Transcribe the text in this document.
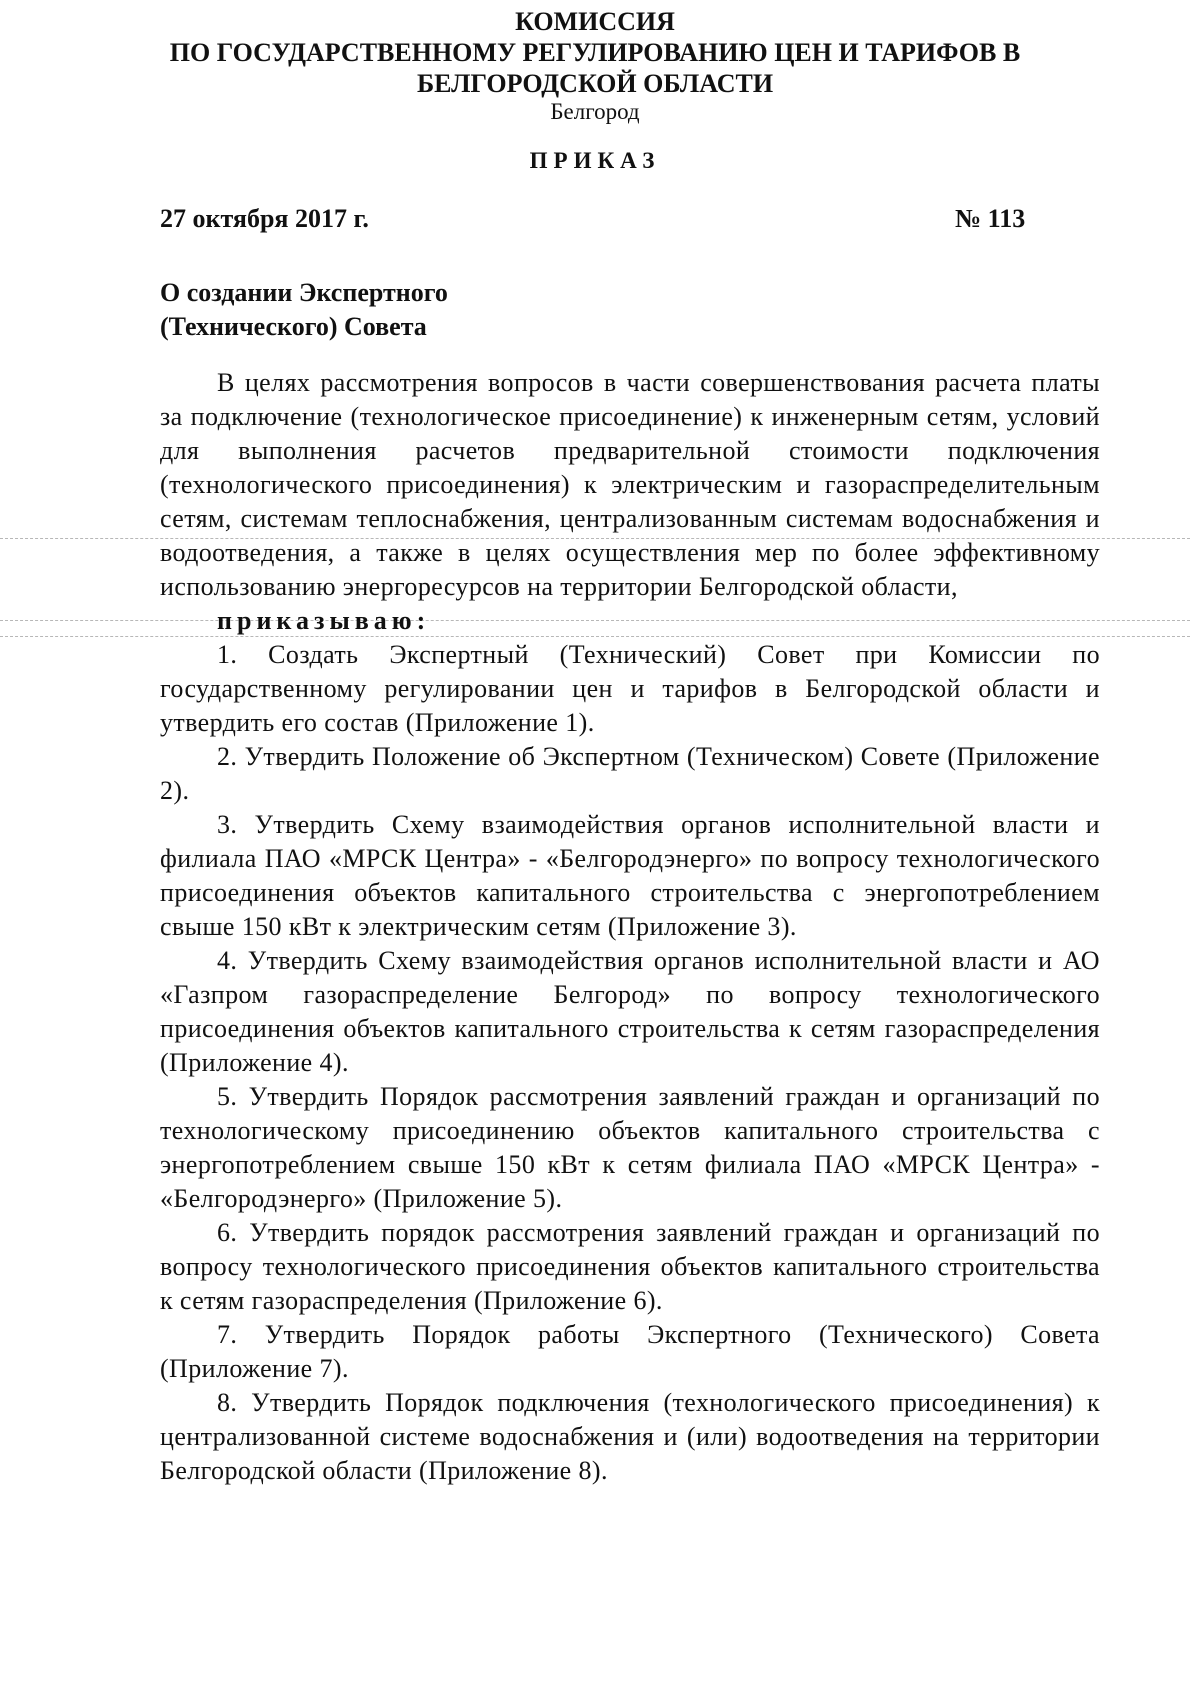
КОМИССИЯ
ПО ГОСУДАРСТВЕННОМУ РЕГУЛИРОВАНИЮ ЦЕН И ТАРИФОВ В
БЕЛГОРОДСКОЙ ОБЛАСТИ
Белгород
ПРИКАЗ
27 октября 2017 г.	№ 113
О создании Экспертного
(Технического) Совета

В целях рассмотрения вопросов в части совершенствования расчета платы за подключение (технологическое присоединение) к инженерным сетям, условий для выполнения расчетов предварительной стоимости подключения (технологического присоединения) к электрическим и газораспределительным сетям, системам теплоснабжения, централизованным системам водоснабжения и водоотведения, а также в целях осуществления мер по более эффективному использованию энергоресурсов на территории Белгородской области,

приказываю:

1. Создать Экспертный (Технический) Совет при Комиссии по государственному регулировании цен и тарифов в Белгородской области и утвердить его состав (Приложение 1).

2. Утвердить Положение об Экспертном (Техническом) Совете (Приложение 2).

3. Утвердить Схему взаимодействия органов исполнительной власти и филиала ПАО «МРСК Центра» - «Белгородэнерго» по вопросу технологического присоединения объектов капитального строительства с энергопотреблением свыше 150 кВт к электрическим сетям (Приложение 3).

4. Утвердить Схему взаимодействия органов исполнительной власти и АО «Газпром газораспределение Белгород» по вопросу технологического присоединения объектов капитального строительства к сетям газораспределения (Приложение 4).

5. Утвердить Порядок рассмотрения заявлений граждан и организаций по технологическому присоединению объектов капитального строительства с энергопотреблением свыше 150 кВт к сетям филиала ПАО «МРСК Центра» - «Белгородэнерго» (Приложение 5).

6. Утвердить порядок рассмотрения заявлений граждан и организаций по вопросу технологического присоединения объектов капитального строительства к сетям газораспределения (Приложение 6).

7. Утвердить Порядок работы Экспертного (Технического) Совета (Приложение 7).

8. Утвердить Порядок подключения (технологического присоединения) к централизованной системе водоснабжения и (или) водоотведения на территории Белгородской области (Приложение 8).
